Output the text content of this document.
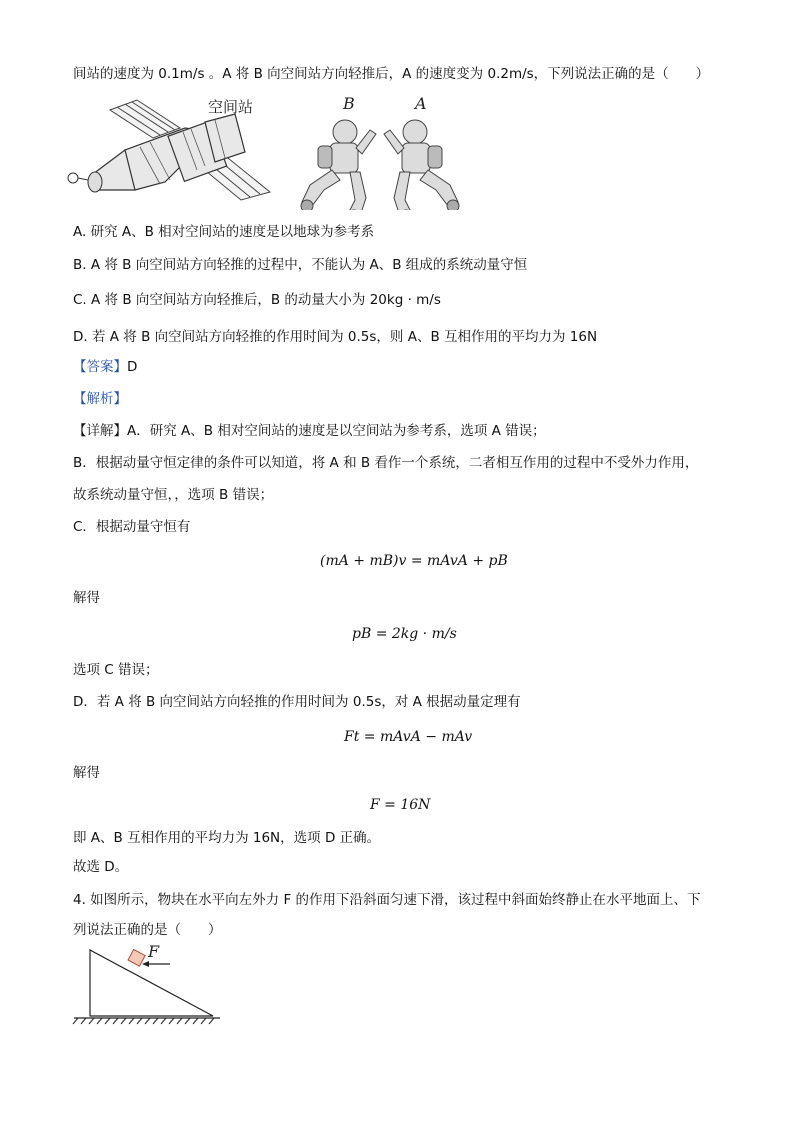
间站的速度为 0.1m/s 。A 将 B 向空间站方向轻推后，A 的速度变为 0.2m/s，下列说法正确的是（　　）
空间站	B	A
A. 研究 A、B 相对空间站的速度是以地球为参考系
B. A 将 B 向空间站方向轻推的过程中，不能认为 A、B 组成的系统动量守恒
C. A 将 B 向空间站方向轻推后，B 的动量大小为 20kg · m/s
D. 若 A 将 B 向空间站方向轻推的作用时间为 0.5s，则 A、B 互相作用的平均力为 16N
【答案】D
【解析】
【详解】A．研究 A、B 相对空间站的速度是以空间站为参考系，选项 A 错误；
B．根据动量守恒定律的条件可以知道，将 A 和 B 看作一个系统，二者相互作用的过程中不受外力作用，
故系统动量守恒，，选项 B 错误；
C．根据动量守恒有
(mA + mB)v = mAvA + pB
解得
pB = 2kg · m/s
选项 C 错误；
D．若 A 将 B 向空间站方向轻推的作用时间为 0.5s，对 A 根据动量定理有
Ft = mAvA − mAv
解得
F = 16N
即 A、B 互相作用的平均力为 16N，选项 D 正确。
故选 D。
4. 如图所示，物块在水平向左外力 F 的作用下沿斜面匀速下滑，该过程中斜面始终静止在水平地面上、下
列说法正确的是（　　）
F
